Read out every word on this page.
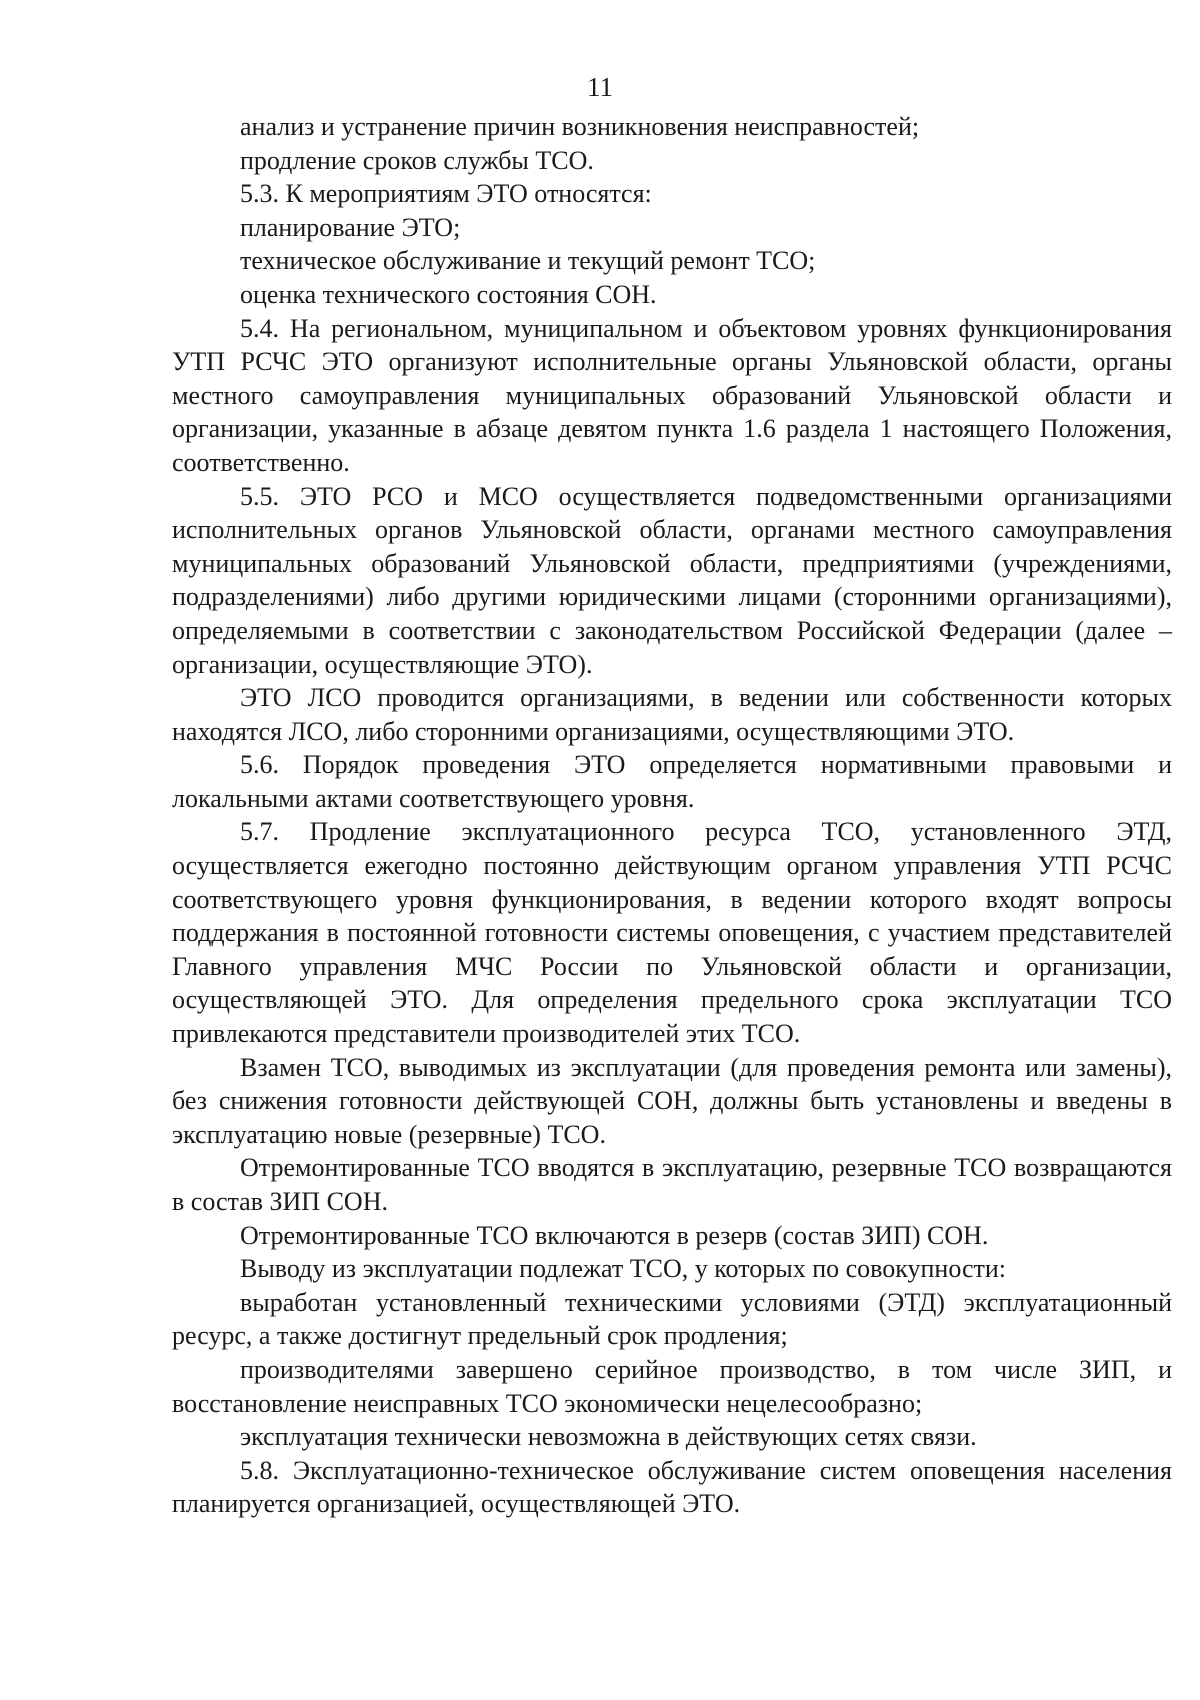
11

анализ и устранение причин возникновения неисправностей;

продление сроков службы ТСО.

5.3. К мероприятиям ЭТО относятся:

планирование ЭТО;

техническое обслуживание и текущий ремонт ТСО;

оценка технического состояния СОН.

5.4. На региональном, муниципальном и объектовом уровнях функционирования УТП РСЧС ЭТО организуют исполнительные органы Ульяновской области, органы местного самоуправления муниципальных образований Ульяновской области и организации, указанные в абзаце девятом пункта 1.6 раздела 1 настоящего Положения, соответственно.

5.5. ЭТО РСО и МСО осуществляется подведомственными организациями исполнительных органов Ульяновской области, органами местного самоуправления муниципальных образований Ульяновской области, предприятиями (учреждениями, подразделениями) либо другими юридическими лицами (сторонними организациями), определяемыми в соответствии с законодательством Российской Федерации (далее – организации, осуществляющие ЭТО).

ЭТО ЛСО проводится организациями, в ведении или собственности которых находятся ЛСО, либо сторонними организациями, осуществляющими ЭТО.

5.6. Порядок проведения ЭТО определяется нормативными правовыми и локальными актами соответствующего уровня.

5.7. Продление эксплуатационного ресурса ТСО, установленного ЭТД, осуществляется ежегодно постоянно действующим органом управления УТП РСЧС соответствующего уровня функционирования, в ведении которого входят вопросы поддержания в постоянной готовности системы оповещения, с участием представителей Главного управления МЧС России по Ульяновской области и организации, осуществляющей ЭТО. Для определения предельного срока эксплуатации ТСО привлекаются представители производителей этих ТСО.

Взамен ТСО, выводимых из эксплуатации (для проведения ремонта или замены), без снижения готовности действующей СОН, должны быть установлены и введены в эксплуатацию новые (резервные) ТСО.

Отремонтированные ТСО вводятся в эксплуатацию, резервные ТСО возвращаются в состав ЗИП СОН.

Отремонтированные ТСО включаются в резерв (состав ЗИП) СОН.

Выводу из эксплуатации подлежат ТСО, у которых по совокупности:

выработан установленный техническими условиями (ЭТД) эксплуатационный ресурс, а также достигнут предельный срок продления;

производителями завершено серийное производство, в том числе ЗИП, и восстановление неисправных ТСО экономически нецелесообразно;

эксплуатация технически невозможна в действующих сетях связи.

5.8. Эксплуатационно-техническое обслуживание систем оповещения населения планируется организацией, осуществляющей ЭТО.
